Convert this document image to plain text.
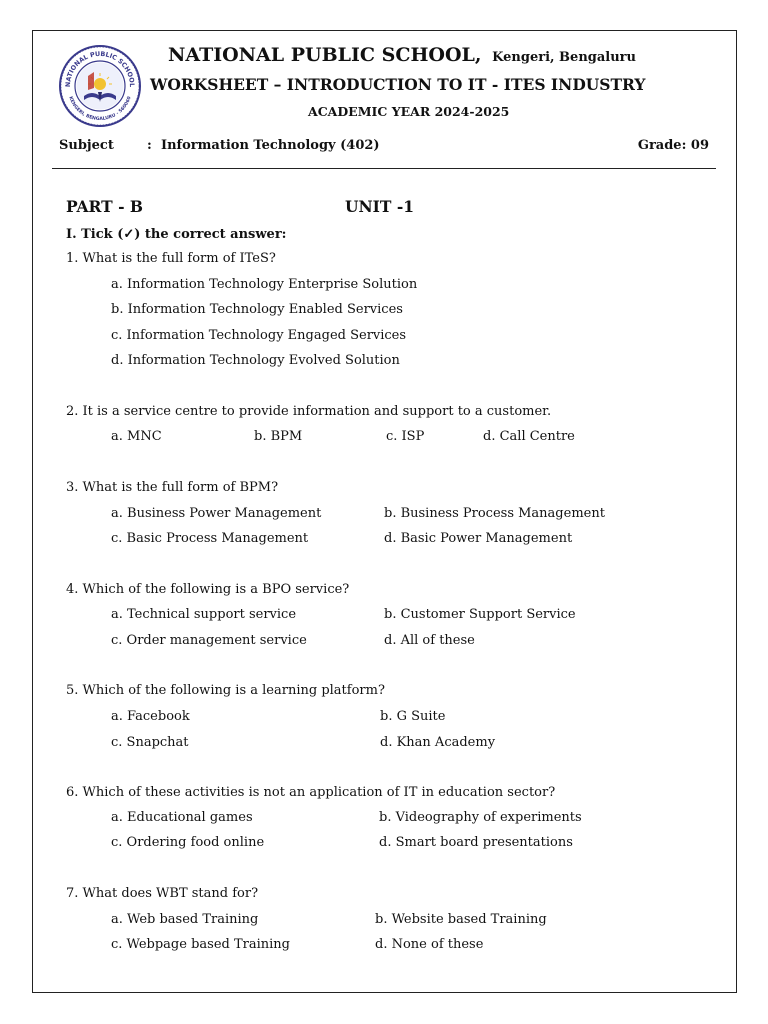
NATIONAL PUBLIC SCHOOL
KENGERI, BENGALURU - 560060
NATIONAL PUBLIC SCHOOL, Kengeri, Bengaluru
WORKSHEET – INTRODUCTION TO IT - ITES INDUSTRY
ACADEMIC YEAR 2024-2025
Subject	: Information Technology (402)	Grade: 09
PART - B	UNIT -1
I. Tick (✓) the correct answer:
1. What is the full form of ITeS?
a. Information Technology Enterprise Solution
b. Information Technology Enabled Services
c. Information Technology Engaged Services
d. Information Technology Evolved Solution
2. It is a service centre to provide information and support to a customer.
a. MNC	b. BPM	c. ISP	d. Call Centre
3. What is the full form of BPM?
a. Business Power Management	b. Business Process Management
c. Basic Process Management	d. Basic Power Management
4. Which of the following is a BPO service?
a. Technical support service	b. Customer Support Service
c. Order management service	d. All of these
5. Which of the following is a learning platform?
a. Facebook	b. G Suite
c. Snapchat	d. Khan Academy
6. Which of these activities is not an application of IT in education sector?
a. Educational games	b. Videography of experiments
c. Ordering food online	d. Smart board presentations
7. What does WBT stand for?
a. Web based Training	b. Website based Training
c. Webpage based Training	d. None of these
